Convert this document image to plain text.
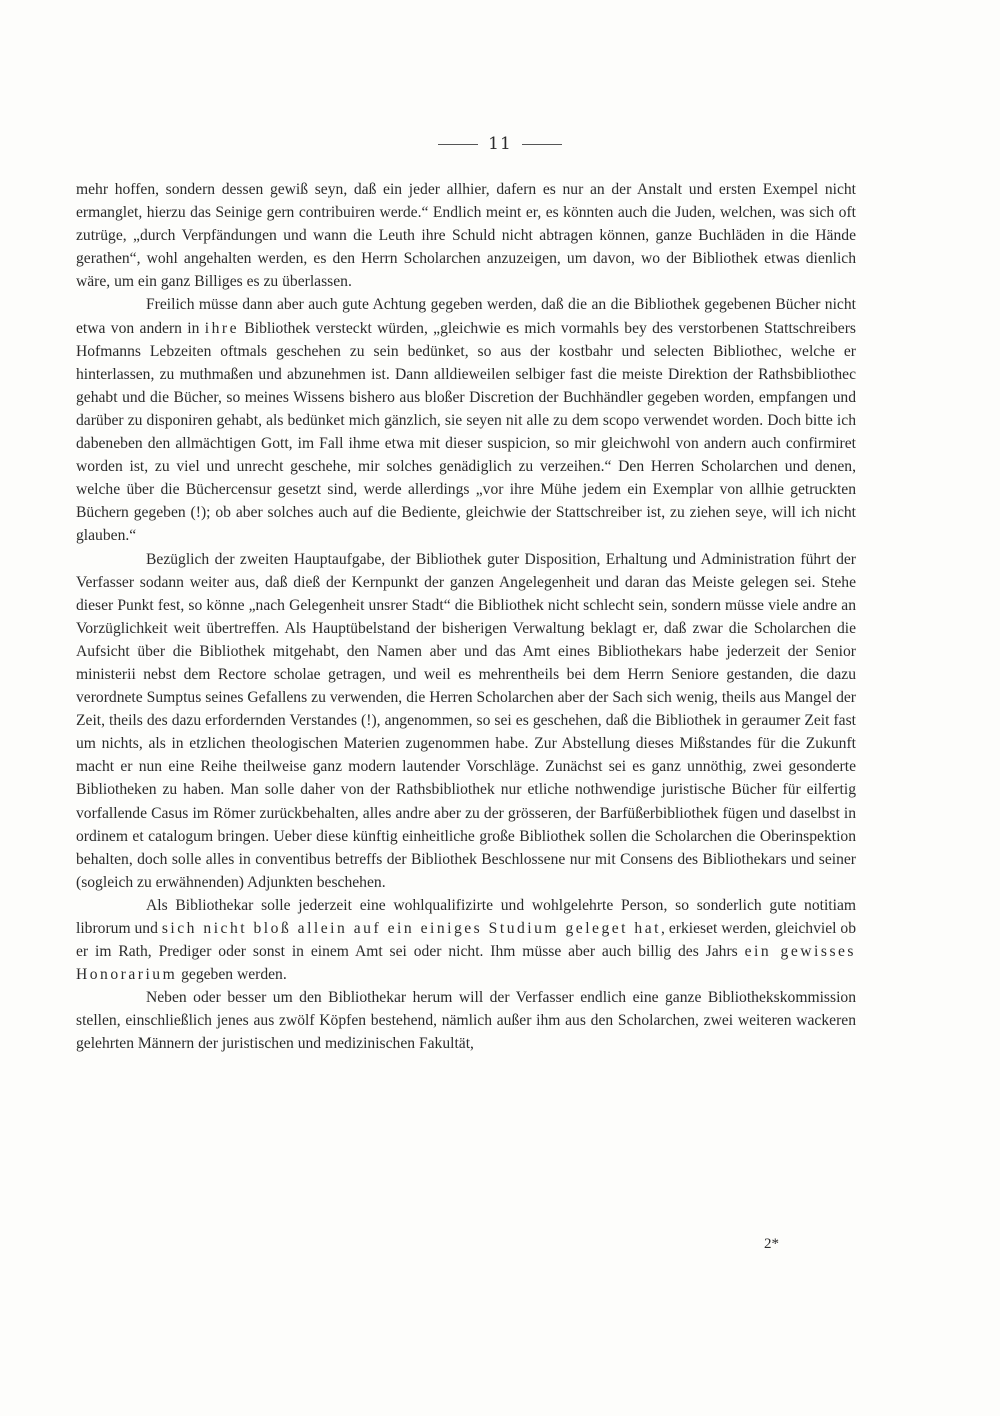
11

mehr hoffen, sondern dessen gewiß seyn, daß ein jeder allhier, dafern es nur an der Anstalt und ersten Exempel nicht ermanglet, hierzu das Seinige gern contribuiren werde.“ Endlich meint er, es könnten auch die Juden, welchen, was sich oft zutrüge, „durch Verpfändungen und wann die Leuth ihre Schuld nicht abtragen können, ganze Buchläden in die Hände gerathen“, wohl angehalten werden, es den Herrn Scholarchen anzuzeigen, um davon, wo der Bibliothek etwas dienlich wäre, um ein ganz Billiges es zu überlassen.

Freilich müsse dann aber auch gute Achtung gegeben werden, daß die an die Bibliothek gegebenen Bücher nicht etwa von andern in ihre Bibliothek versteckt würden, „gleichwie es mich vormahls bey des verstorbenen Stattschreibers Hofmanns Lebzeiten oftmals geschehen zu sein bedünket, so aus der kostbahr und selecten Bibliothec, welche er hinterlassen, zu muthmaßen und abzunehmen ist. Dann alldieweilen selbiger fast die meiste Direktion der Rathsbibliothec gehabt und die Bücher, so meines Wissens bishero aus bloßer Discretion der Buchhändler gegeben worden, empfangen und darüber zu disponiren gehabt, als bedünket mich gänzlich, sie seyen nit alle zu dem scopo verwendet worden. Doch bitte ich dabeneben den allmächtigen Gott, im Fall ihme etwa mit dieser suspicion, so mir gleichwohl von andern auch confirmiret worden ist, zu viel und unrecht geschehe, mir solches genädiglich zu verzeihen.“ Den Herren Scholarchen und denen, welche über die Büchercensur gesetzt sind, werde allerdings „vor ihre Mühe jedem ein Exemplar von allhie getruckten Büchern gegeben (!); ob aber solches auch auf die Bediente, gleichwie der Stattschreiber ist, zu ziehen seye, will ich nicht glauben.“

Bezüglich der zweiten Hauptaufgabe, der Bibliothek guter Disposition, Erhaltung und Administration führt der Verfasser sodann weiter aus, daß dieß der Kernpunkt der ganzen Angelegenheit und daran das Meiste gelegen sei. Stehe dieser Punkt fest, so könne „nach Gelegenheit unsrer Stadt“ die Bibliothek nicht schlecht sein, sondern müsse viele andre an Vorzüglichkeit weit übertreffen. Als Hauptübelstand der bisherigen Verwaltung beklagt er, daß zwar die Scholarchen die Aufsicht über die Bibliothek mitgehabt, den Namen aber und das Amt eines Bibliothekars habe jederzeit der Senior ministerii nebst dem Rectore scholae getragen, und weil es mehrentheils bei dem Herrn Seniore gestanden, die dazu verordnete Sumptus seines Gefallens zu verwenden, die Herren Scholarchen aber der Sach sich wenig, theils aus Mangel der Zeit, theils des dazu erfordernden Verstandes (!), angenommen, so sei es geschehen, daß die Bibliothek in geraumer Zeit fast um nichts, als in etzlichen theologischen Materien zugenommen habe. Zur Abstellung dieses Mißstandes für die Zukunft macht er nun eine Reihe theilweise ganz modern lautender Vorschläge. Zunächst sei es ganz unnöthig, zwei gesonderte Bibliotheken zu haben. Man solle daher von der Rathsbibliothek nur etliche nothwendige juristische Bücher für eilfertig vorfallende Casus im Römer zurückbehalten, alles andre aber zu der grösseren, der Barfüßerbibliothek fügen und daselbst in ordinem et catalogum bringen. Ueber diese künftig einheitliche große Bibliothek sollen die Scholarchen die Oberinspektion behalten, doch solle alles in conventibus betreffs der Bibliothek Beschlossene nur mit Consens des Bibliothekars und seiner (sogleich zu erwähnenden) Adjunkten beschehen.

Als Bibliothekar solle jederzeit eine wohlqualifizirte und wohlgelehrte Person, so sonderlich gute notitiam librorum und sich nicht bloß allein auf ein einiges Studium geleget hat, erkieset werden, gleichviel ob er im Rath, Prediger oder sonst in einem Amt sei oder nicht. Ihm müsse aber auch billig des Jahrs ein gewisses Honorarium gegeben werden.

Neben oder besser um den Bibliothekar herum will der Verfasser endlich eine ganze Bibliothekskommission stellen, einschließlich jenes aus zwölf Köpfen bestehend, nämlich außer ihm aus den Scholarchen, zwei weiteren wackeren gelehrten Männern der juristischen und medizinischen Fakultät,

2*
